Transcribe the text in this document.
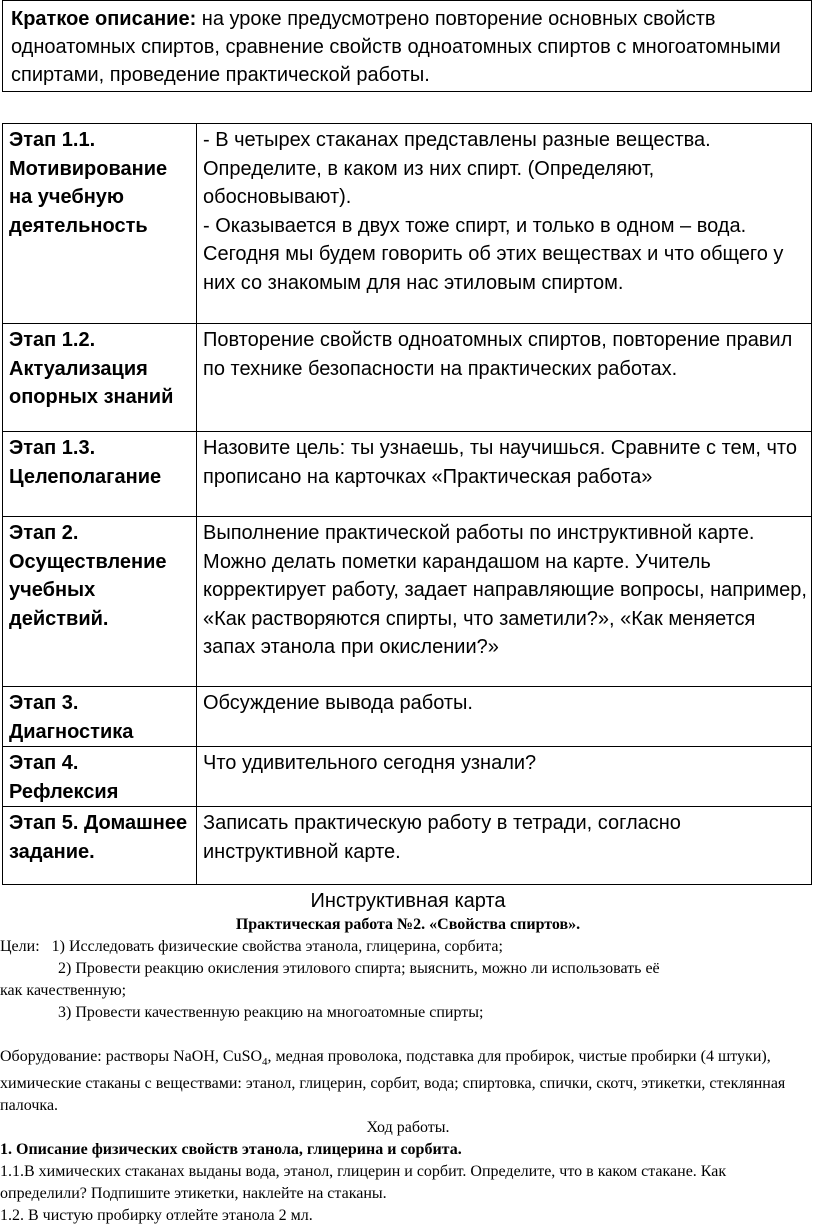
Краткое описание: на уроке предусмотрено повторение основных свойств одноатомных спиртов, сравнение свойств одноатомных спиртов с многоатомными спиртами, проведение практической работы.
Этап 1.1. Мотивирование на учебную деятельность	- В четырех стаканах представлены разные вещества. Определите, в каком из них спирт. (Определяют, обосновывают).
- Оказывается в двух тоже спирт, и только в одном – вода.
Сегодня мы будем говорить об этих веществах и что общего у них со знакомым для нас этиловым спиртом.

Этап 1.2. Актуализация опорных знаний	Повторение свойств одноатомных спиртов, повторение правил по технике безопасности на практических работах.

Этап 1.3. Целеполагание	Назовите цель: ты узнаешь, ты научишься. Сравните с тем, что прописано на карточках «Практическая работа»

Этап 2. Осуществление учебных действий.	Выполнение практической работы по инструктивной карте. Можно делать пометки карандашом на карте. Учитель корректирует работу, задает направляющие вопросы, например, «Как растворяются спирты, что заметили?», «Как меняется запах этанола при окислении?»

Этап 3. Диагностика	Обсуждение вывода работы.

Этап 4. Рефлексия	Что удивительного сегодня узнали?

Этап 5. Домашнее задание.	Записать практическую работу в тетради, согласно инструктивной карте.

Инструктивная карта

Практическая работа №2. «Свойства спиртов».

Цели: 1) Исследовать физические свойства этанола, глицерина, сорбита;

2) Провести реакцию окисления этилового спирта; выяснить, можно ли использовать её

как качественную;

3) Провести качественную реакцию на многоатомные спирты;

Оборудование: растворы NaOH, CuSO$_4$, медная проволока, подставка для пробирок, чистые пробирки (4 штуки), химические стаканы с веществами: этанол, глицерин, сорбит, вода; спиртовка, спички, скотч, этикетки, стеклянная палочка.

Ход работы.

1. Описание физических свойств этанола, глицерина и сорбита.

1.1.В химических стаканах выданы вода, этанол, глицерин и сорбит. Определите, что в каком стакане. Как определили? Подпишите этикетки, наклейте на стаканы.

1.2. В чистую пробирку отлейте этанола 2 мл.
